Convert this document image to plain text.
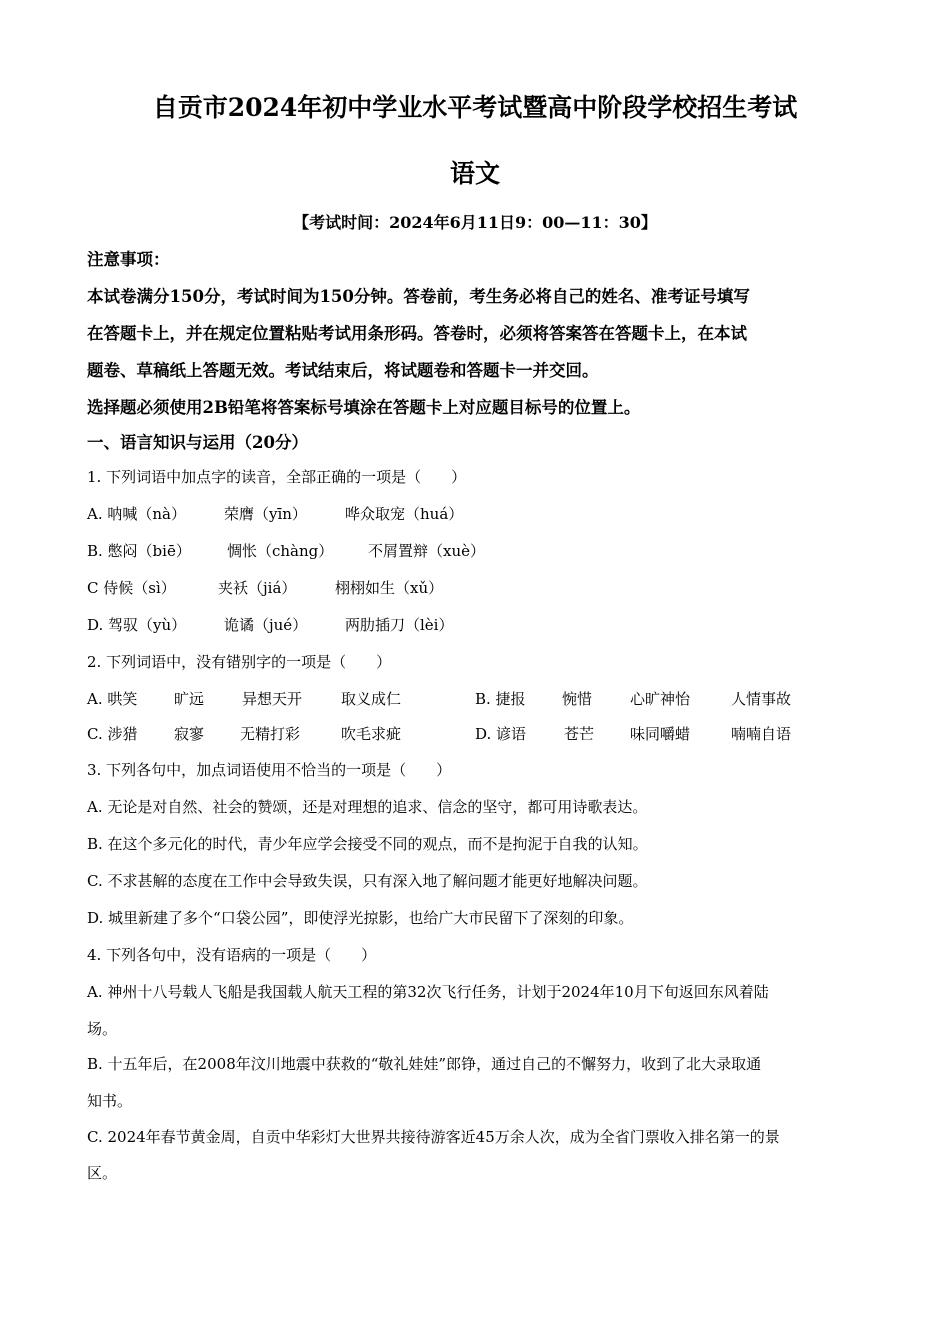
自贡市2024年初中学业水平考试暨高中阶段学校招生考试
语文
【考试时间：2024年6月11日9：00—11：30】
注意事项：
本试卷满分150分，考试时间为150分钟。答卷前，考生务必将自己的姓名、准考证号填写
在答题卡上，并在规定位置粘贴考试用条形码。答卷时，必须将答案答在答题卡上，在本试
题卷、草稿纸上答题无效。考试结束后，将试题卷和答题卡一并交回。
选择题必须使用2B铅笔将答案标号填涂在答题卡上对应题目标号的位置上。
一、语言知识与运用（20分）
1. 下列词语中加点字的读音，全部正确的一项是（　　）
A. 呐喊（nà）	荣膺（yīn）	哗众取宠（huá）
B. 憋闷（biē） 惆怅（chàng） 不屑置辩（xuè）
C 侍候（sì）	夹袄（jiá）	栩栩如生（xǔ）
D. 驾驭（yù）	诡谲（jué）	两肋插刀（lèi）
2. 下列词语中，没有错别字的一项是（　　）
A. 哄笑 旷远	异想天开	取义成仁	B. 捷报 惋惜	心旷神怡	人情事故
C. 涉猎 寂寥 无精打彩	吹毛求疵	D. 谚语	苍芒 味同嚼蜡	喃喃自语
3. 下列各句中，加点词语使用不恰当的一项是（　　）
A. 无论是对自然、社会的赞颂，还是对理想的追求、信念的坚守，都可用诗歌表达。
B. 在这个多元化的时代，青少年应学会接受不同的观点，而不是拘泥于自我的认知。
C. 不求甚解的态度在工作中会导致失误，只有深入地了解问题才能更好地解决问题。
D. 城里新建了多个“口袋公园”，即使浮光掠影，也给广大市民留下了深刻的印象。
4. 下列各句中，没有语病的一项是（　　）
A. 神州十八号载人飞船是我国载人航天工程的第32次飞行任务，计划于2024年10月下旬返回东风着陆
场。
B. 十五年后，在2008年汶川地震中获救的“敬礼娃娃”郎铮，通过自己的不懈努力，收到了北大录取通
知书。
C. 2024年春节黄金周，自贡中华彩灯大世界共接待游客近45万余人次，成为全省门票收入排名第一的景
区。
